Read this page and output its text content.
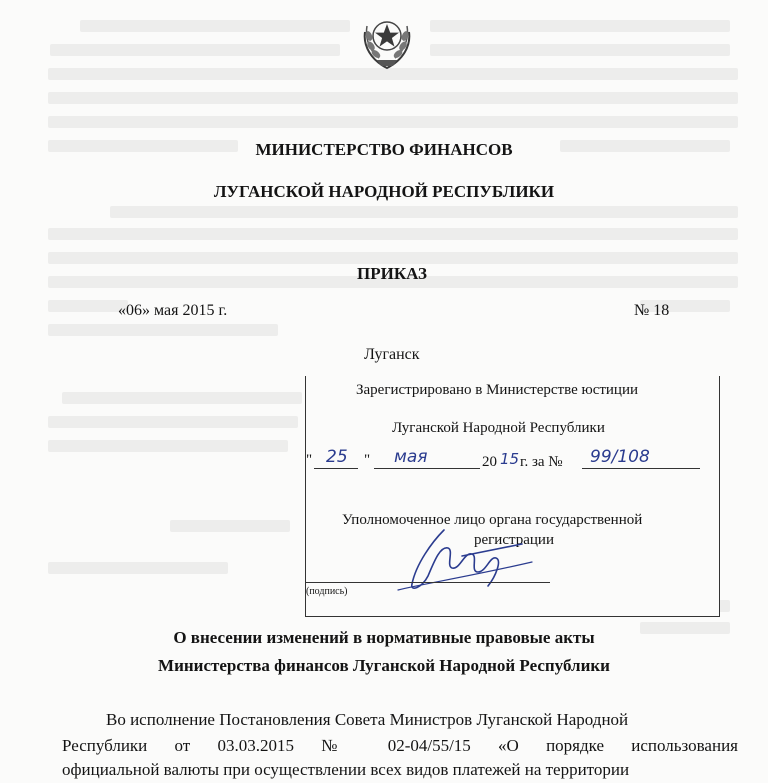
МИНИСТЕРСТВО ФИНАНСОВ
ЛУГАНСКОЙ НАРОДНОЙ РЕСПУБЛИКИ
ПРИКАЗ
«06» мая 2015 г.	№ 18
Луганск
Зарегистрировано в Министерстве юстиции
Луганской Народной Республики
" 25 " мая	20 15 г. за № 99/108
Уполномоченное лицо органа государственной
регистрации
(подпись)
О внесении изменений в нормативные правовые акты
Министерства финансов Луганской Народной Республики
Во исполнение Постановления Совета Министров Луганской Народной
Республики от 03.03.2015 № 02-04/55/15 «О порядке использования
официальной валюты при осуществлении всех видов платежей на территории
